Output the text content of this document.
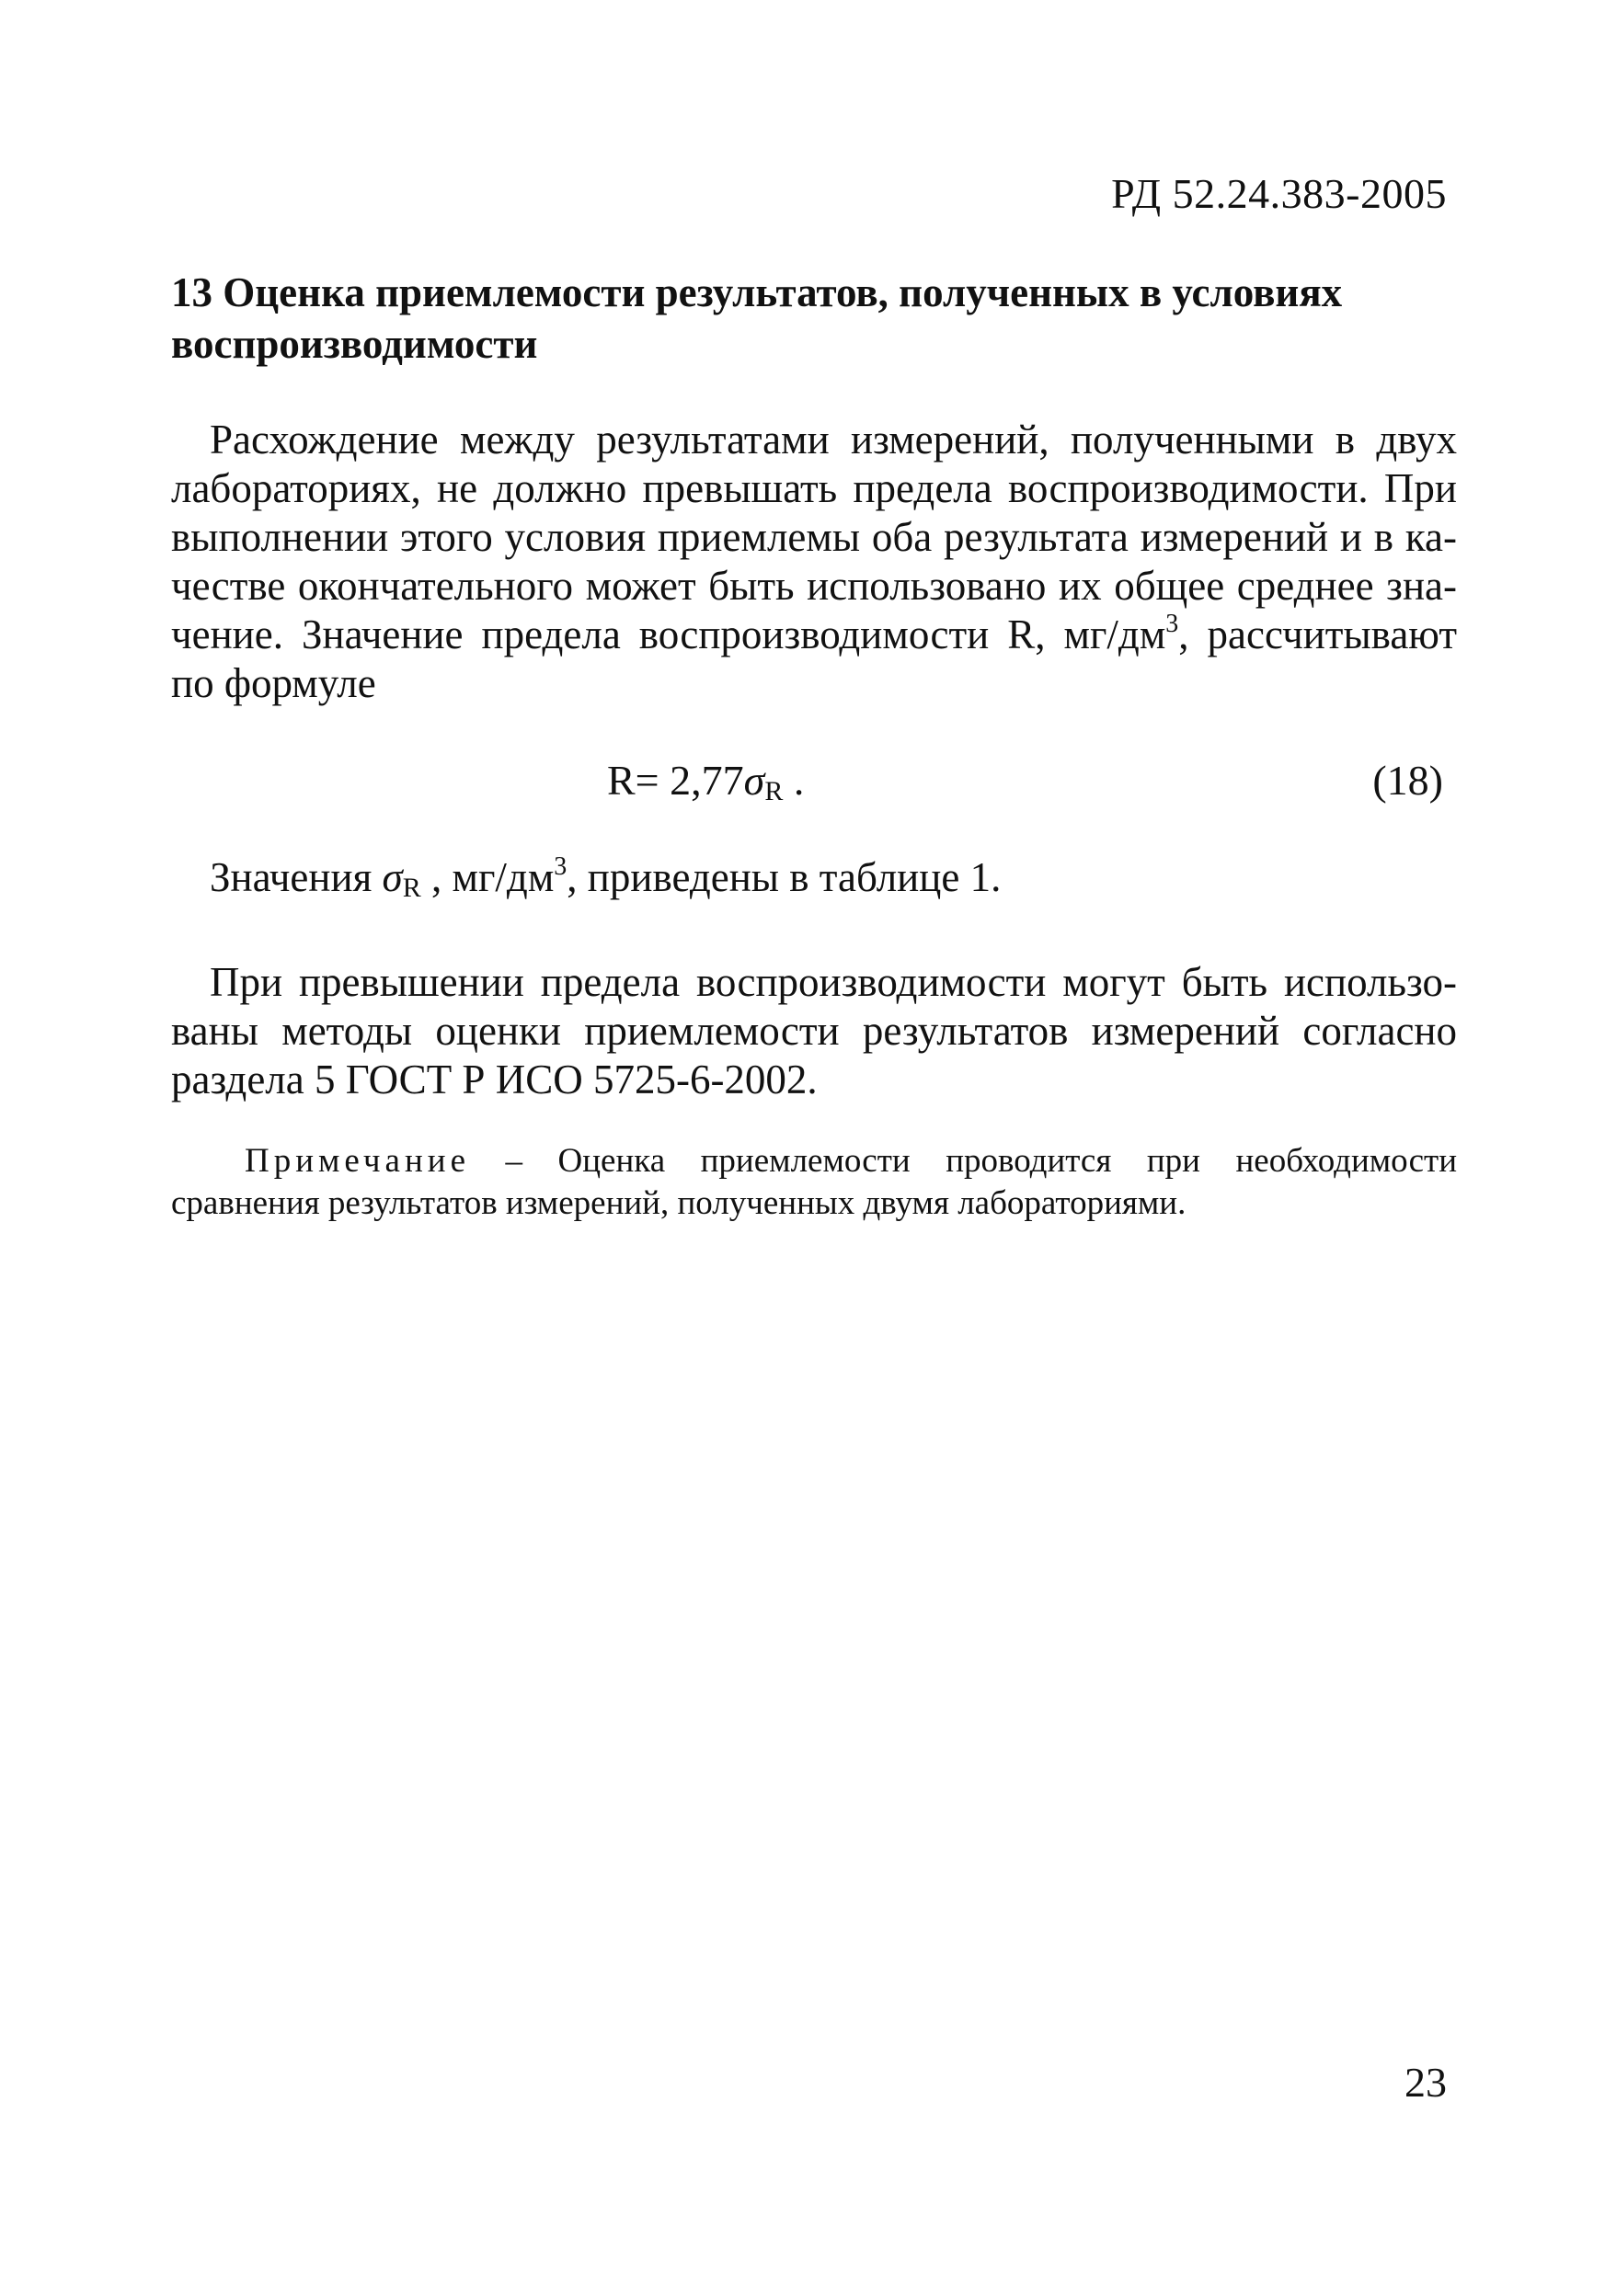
РД 52.24.383-2005
13 Оценка приемлемости результатов, полученных в условиях
воспроизводимости
Расхождение между результатами измерений, полученными в двух
лабораториях, не должно превышать предела воспроизводимости. При
выполнении этого условия приемлемы оба результата измерений и в ка-
честве окончательного может быть использовано их общее среднее зна-
чение. Значение предела воспроизводимости R, $мг/дм^3$, рассчитывают
по формуле
$R= 2,77\sigma_R$ .	(18)
Значения $\sigma_R$ , $мг/дм^3$, приведены в таблице 1.
При превышении предела воспроизводимости могут быть использо-
ваны методы оценки приемлемости результатов измерений согласно
раздела 5 ГОСТ Р ИСО 5725-6-2002.
Примечание – Оценка приемлемости проводится при необходимости
сравнения результатов измерений, полученных двумя лабораториями.
23
